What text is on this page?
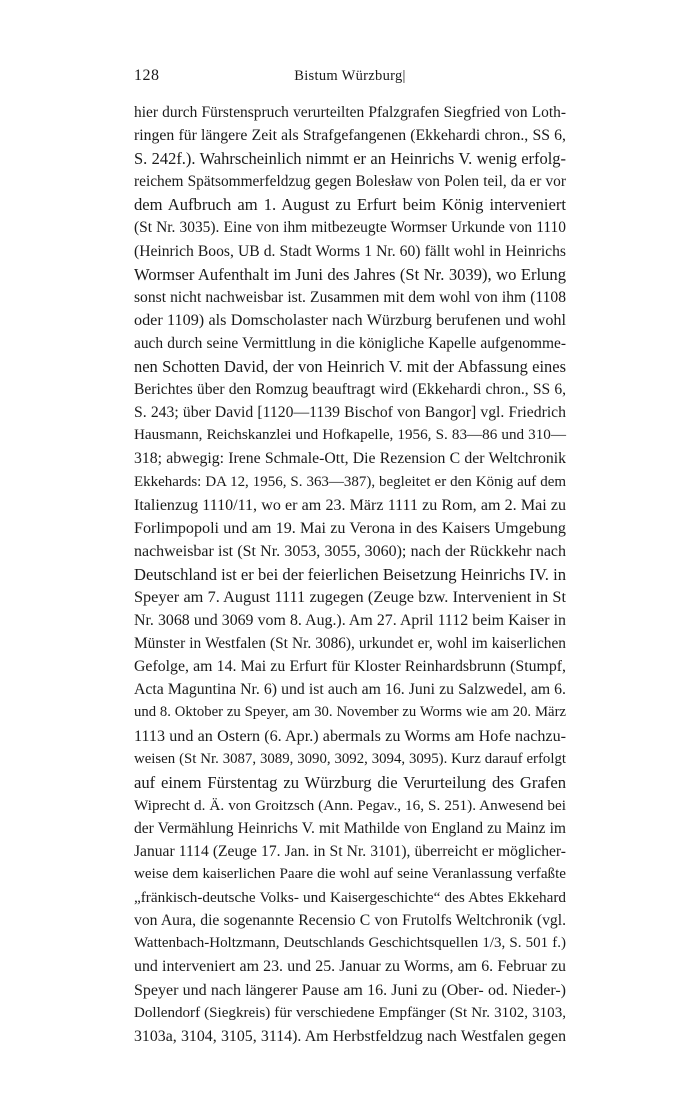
128	Bistum Würzburg|
hier durch Fürstenspruch verurteilten Pfalzgrafen Siegfried von Loth-
ringen für längere Zeit als Strafgefangenen (Ekkehardi chron., SS 6,
S. 242f.). Wahrscheinlich nimmt er an Heinrichs V. wenig erfolg-
reichem Spätsommerfeldzug gegen Bolesław von Polen teil, da er vor
dem Aufbruch am 1. August zu Erfurt beim König interveniert
(St Nr. 3035). Eine von ihm mitbezeugte Wormser Urkunde von 1110
(Heinrich Boos, UB d. Stadt Worms 1 Nr. 60) fällt wohl in Heinrichs
Wormser Aufenthalt im Juni des Jahres (St Nr. 3039), wo Erlung
sonst nicht nachweisbar ist. Zusammen mit dem wohl von ihm (1108
oder 1109) als Domscholaster nach Würzburg berufenen und wohl
auch durch seine Vermittlung in die königliche Kapelle aufgenomme-
nen Schotten David, der von Heinrich V. mit der Abfassung eines
Berichtes über den Romzug beauftragt wird (Ekkehardi chron., SS 6,
S. 243; über David [1120—1139 Bischof von Bangor] vgl. Friedrich
Hausmann, Reichskanzlei und Hofkapelle, 1956, S. 83—86 und 310—
318; abwegig: Irene Schmale-Ott, Die Rezension C der Weltchronik
Ekkehards: DA 12, 1956, S. 363—387), begleitet er den König auf dem
Italienzug 1110/11, wo er am 23. März 1111 zu Rom, am 2. Mai zu
Forlimpopoli und am 19. Mai zu Verona in des Kaisers Umgebung
nachweisbar ist (St Nr. 3053, 3055, 3060); nach der Rückkehr nach
Deutschland ist er bei der feierlichen Beisetzung Heinrichs IV. in
Speyer am 7. August 1111 zugegen (Zeuge bzw. Intervenient in St
Nr. 3068 und 3069 vom 8. Aug.). Am 27. April 1112 beim Kaiser in
Münster in Westfalen (St Nr. 3086), urkundet er, wohl im kaiserlichen
Gefolge, am 14. Mai zu Erfurt für Kloster Reinhardsbrunn (Stumpf,
Acta Maguntina Nr. 6) und ist auch am 16. Juni zu Salzwedel, am 6.
und 8. Oktober zu Speyer, am 30. November zu Worms wie am 20. März
1113 und an Ostern (6. Apr.) abermals zu Worms am Hofe nachzu-
weisen (St Nr. 3087, 3089, 3090, 3092, 3094, 3095). Kurz darauf erfolgt
auf einem Fürstentag zu Würzburg die Verurteilung des Grafen
Wiprecht d. Ä. von Groitzsch (Ann. Pegav., 16, S. 251). Anwesend bei
der Vermählung Heinrichs V. mit Mathilde von England zu Mainz im
Januar 1114 (Zeuge 17. Jan. in St Nr. 3101), überreicht er möglicher-
weise dem kaiserlichen Paare die wohl auf seine Veranlassung verfaßte
„fränkisch-deutsche Volks- und Kaisergeschichte“ des Abtes Ekkehard
von Aura, die sogenannte Recensio C von Frutolfs Weltchronik (vgl.
Wattenbach-Holtzmann, Deutschlands Geschichtsquellen 1/3, S. 501 f.)
und interveniert am 23. und 25. Januar zu Worms, am 6. Februar zu
Speyer und nach längerer Pause am 16. Juni zu (Ober- od. Nieder-)
Dollendorf (Siegkreis) für verschiedene Empfänger (St Nr. 3102, 3103,
3103a, 3104, 3105, 3114). Am Herbstfeldzug nach Westfalen gegen
